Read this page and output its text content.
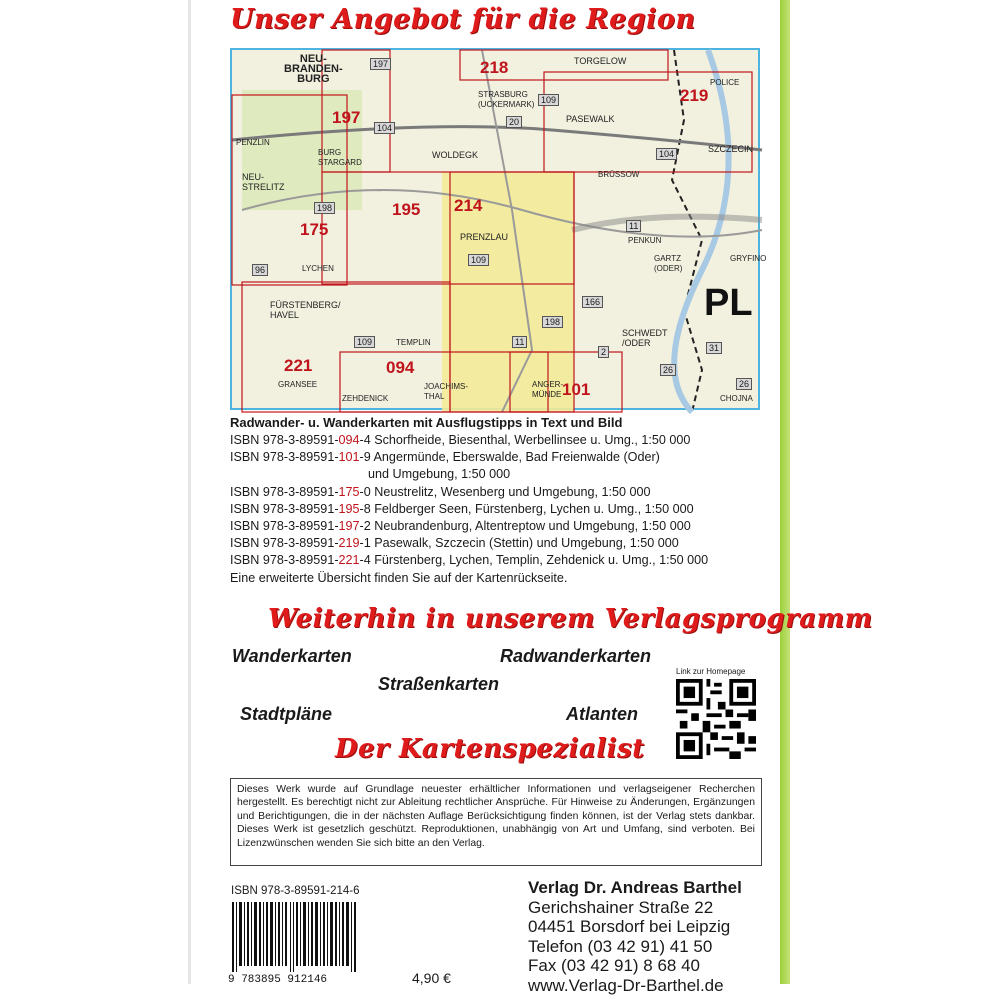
Unser Angebot für die Region
NEU-
BRANDEN-
BURG
TORGELOW
STRASBURG
(UCKERMARK)
PASEWALK
POLICE
SZCZECIN
PENZLIN
BURG
STARGARD
WOLDEGK
NEU-
STRELITZ
BRÜSSOW
PRENZLAU	PENKUN
GARTZ
(ODER)
GRYFINO
LYCHEN
FÜRSTENBERG/
HAVEL
TEMPLIN
SCHWEDT
/ODER
GRANSEE
ZEHDENICK
JOACHIMS-
THAL
ANGER-
MÜNDE	CHOJNA
218
219
197
195 214
175
221	094
101
197
109
104
104
198
96
109
109
198
166
11
2	31
26
26
11
20
PL
Radwander- u. Wanderkarten mit Ausflugstipps in Text und Bild
ISBN 978-3-89591-094-4 Schorfheide, Biesenthal, Werbellinsee u. Umg., 1:50 000
ISBN 978-3-89591-101-9 Angermünde, Eberswalde, Bad Freienwalde (Oder)
und Umgebung, 1:50 000
ISBN 978-3-89591-175-0 Neustrelitz, Wesenberg und Umgebung, 1:50 000
ISBN 978-3-89591-195-8 Feldberger Seen, Fürstenberg, Lychen u. Umg., 1:50 000
ISBN 978-3-89591-197-2 Neubrandenburg, Altentreptow und Umgebung, 1:50 000
ISBN 978-3-89591-219-1 Pasewalk, Szczecin (Stettin) und Umgebung, 1:50 000
ISBN 978-3-89591-221-4 Fürstenberg, Lychen, Templin, Zehdenick u. Umg., 1:50 000
Eine erweiterte Übersicht finden Sie auf der Kartenrückseite.
Weiterhin in unserem Verlagsprogramm
Wanderkarten	Radwanderkarten
Straßenkarten
Stadtpläne	Atlanten
Link zur Homepage
Der Kartenspezialist
Dieses Werk wurde auf Grundlage neuester erhältlicher Informationen und verlagseigener Recherchen hergestellt. Es berechtigt nicht zur Ableitung rechtlicher Ansprüche. Für Hinweise zu Änderungen, Ergänzungen und Berichtigungen, die in der nächsten Auflage Berücksichtigung finden können, ist der Verlag stets dankbar. Dieses Werk ist gesetzlich geschützt. Reproduktionen, unabhängig von Art und Umfang, sind verboten. Bei Lizenzwünschen wenden Sie sich bitte an den Verlag.
ISBN 978-3-89591-214-6
9 783895 912146	4,90 €
Verlag Dr. Andreas Barthel
Gerichshainer Straße 22
04451 Borsdorf bei Leipzig
Telefon (03 42 91) 41 50
Fax (03 42 91) 8 68 40
www.Verlag-Dr-Barthel.de
